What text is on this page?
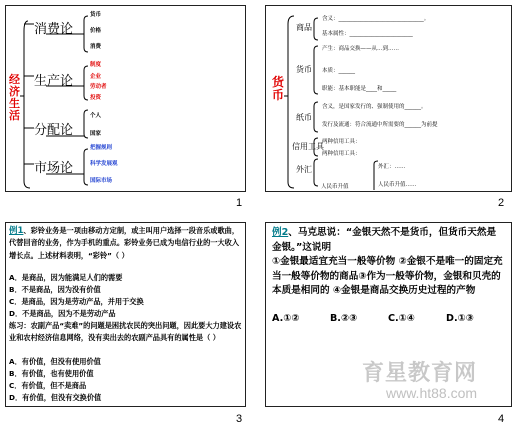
经济生活
消费论
生产论
分配论
市场论
货币
价格
消费
制度
企业
劳动者
投资
个人
国家
把握规则
科学发展观
国际市场
1
货币
商品
货币
纸币
信用工具
外汇
人民币升值
含义：_______________________________。
基本属性：_______________________
产生：商品交换——从…到……
本质：______
职能：基本职能是____和_____
含义，是国家发行的、强制使用的______。
发行及流通：符合流通中所需要的______为前提
两种信用工具：
两种信用工具：
外汇：……
人民币升值……
2
例1、彩铃业务是一项由移动方定制，或主叫用户选择一段音乐或歌曲，代替回音的业务，作为手机的重点。彩铃业务已成为电信行业的一大收入增长点。上述材料表明，“彩铃”（ ）
A．是商品，因为能满足人们的需要
B．不是商品，因为没有价值
C．是商品，因为是劳动产品，并用于交换
D．不是商品，因为不是劳动产品
练习：农副产品“卖难”的问题是困扰农民的突出问题，因此要大力建设农业和农村经济信息网络，没有卖出去的农副产品具有的属性是（ ）
A．有价值，但没有使用价值
B．有价值，也有使用价值
C．有价值，但不是商品
D．有价值，但没有交换价值
3
例2、马克思说：“金银天然不是货币，但货币天然是金银。”这说明
①金银最适宜充当一般等价物 ②金银不是唯一的固定充当一般等价物的商品③作为一般等价物，金银和贝壳的本质是相同的 ④金银是商品交换历史过程的产物
A.①②	B.②③	C.①④	D.①③
育星教育网
www.ht88.com
4
